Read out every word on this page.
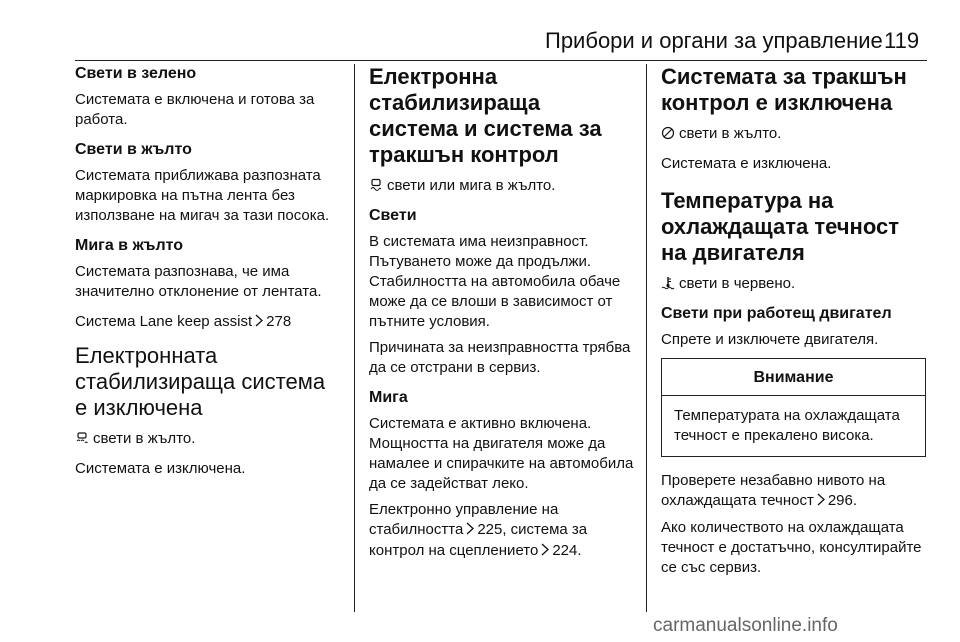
Прибори и органи за управление 119
Свети в зелено
Системата е включена и готова за работа.
Свети в жълто
Системата приближава разпозната маркировка на пътна лента без използване на мигач за тази посока.
Мига в жълто
Системата разпознава, че има значително отклонение от лентата.
Система Lane keep assist 278
Електронната стабилизираща система е изключена
свети в жълто.
Системата е изключена.
Електронна стабилизираща система и система за тракшън контрол
свети или мига в жълто.
Свети
В системата има неизправност. Пътуването може да продължи. Стабилността на автомобила обаче може да се влоши в зависимост от пътните условия.
Причината за неизправността трябва да се отстрани в сервиз.
Мига
Системата е активно включена. Мощността на двигателя може да намалее и спирачките на автомобила да се задействат леко.
Електронно управление на стабилността 225, система за контрол на сцеплението 224.
Системата за тракшън контрол е изключена
свети в жълто.
Системата е изключена.
Температура на охлаждащата течност на двигателя
свети в червено.
Свети при работещ двигател
Спрете и изключете двигателя.
Внимание
Температурата на охлаждащата течност е прекалено висока.
Проверете незабавно нивото на охлаждащата течност 296.
Ако количеството на охлаждащата течност е достатъчно, консултирайте се със сервиз.
carmanualsonline.info
